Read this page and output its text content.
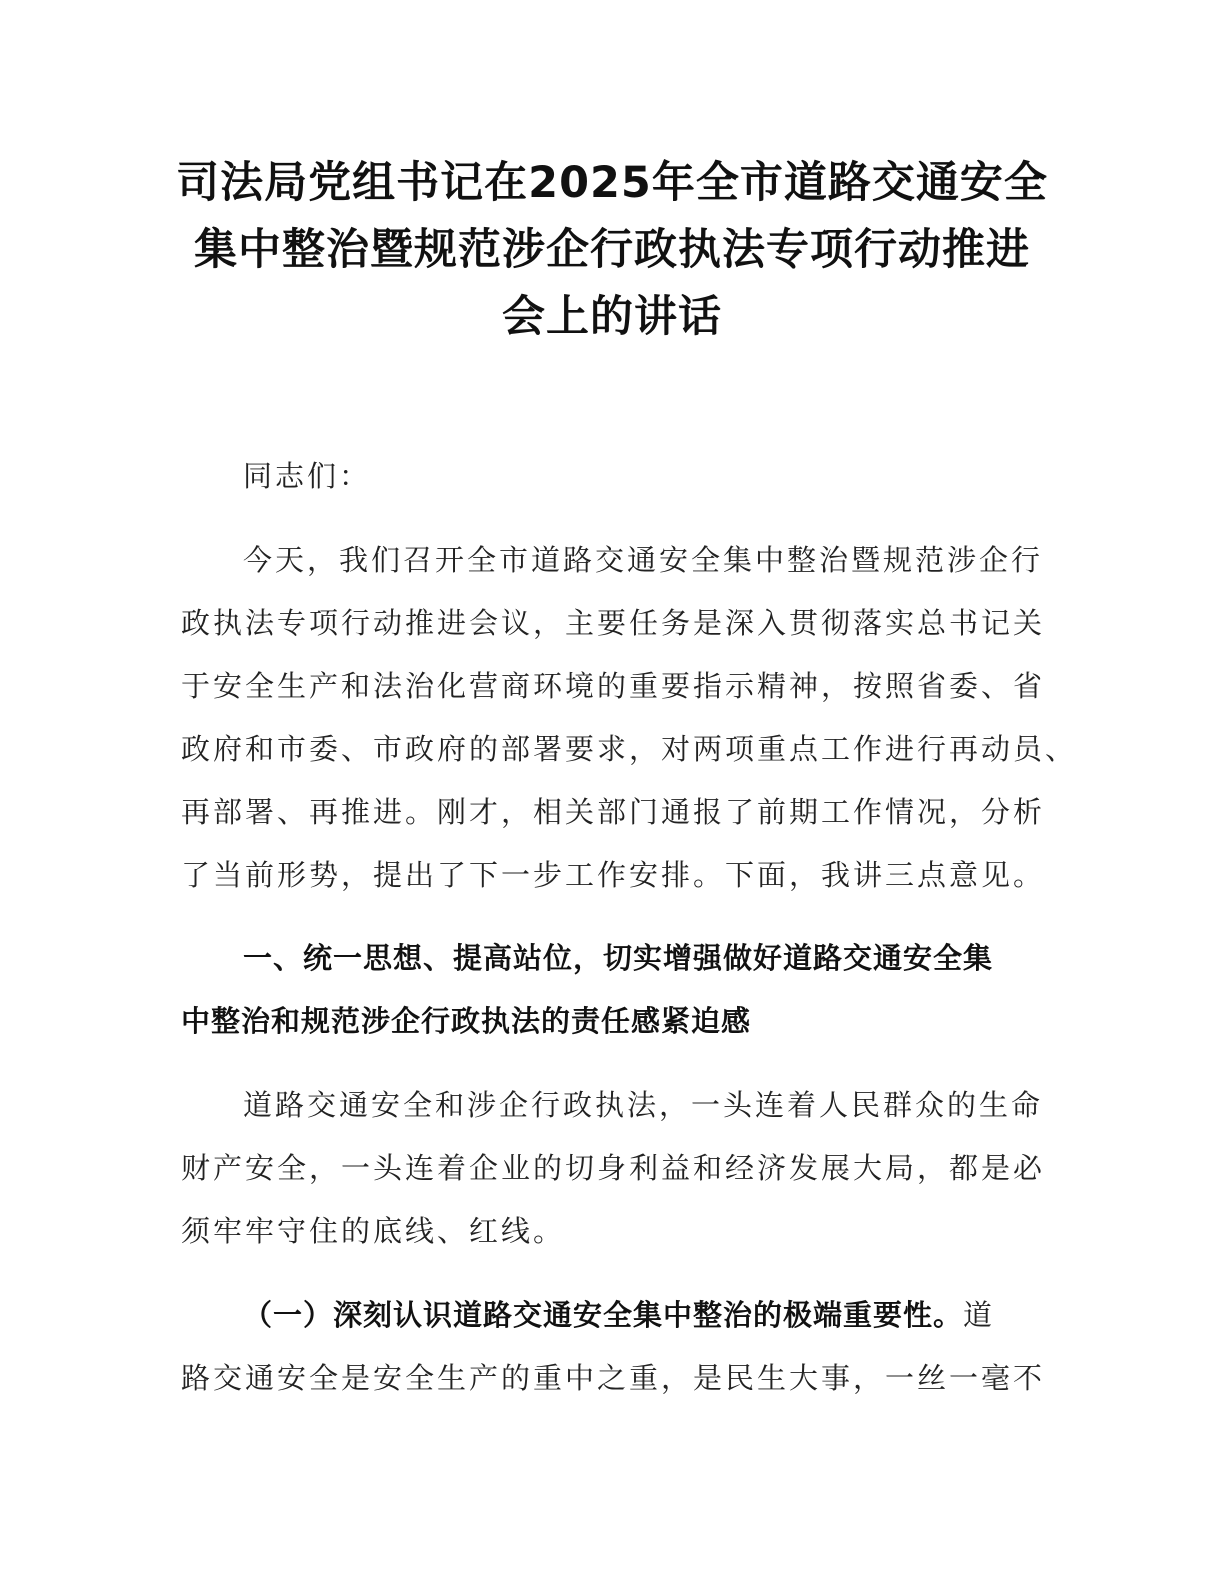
司法局党组书记在2025年全市道路交通安全
集中整治暨规范涉企行政执法专项行动推进
会上的讲话
同志们：
今天，我们召开全市道路交通安全集中整治暨规范涉企行
政执法专项行动推进会议，主要任务是深入贯彻落实总书记关
于安全生产和法治化营商环境的重要指示精神，按照省委、省
政府和市委、市政府的部署要求，对两项重点工作进行再动员、
再部署、再推进。刚才，相关部门通报了前期工作情况，分析
了当前形势，提出了下一步工作安排。下面，我讲三点意见。
一、统一思想、提高站位，切实增强做好道路交通安全集
中整治和规范涉企行政执法的责任感紧迫感
道路交通安全和涉企行政执法，一头连着人民群众的生命
财产安全，一头连着企业的切身利益和经济发展大局，都是必
须牢牢守住的底线、红线。
（一）深刻认识道路交通安全集中整治的极端重要性。道
路交通安全是安全生产的重中之重，是民生大事，一丝一毫不
